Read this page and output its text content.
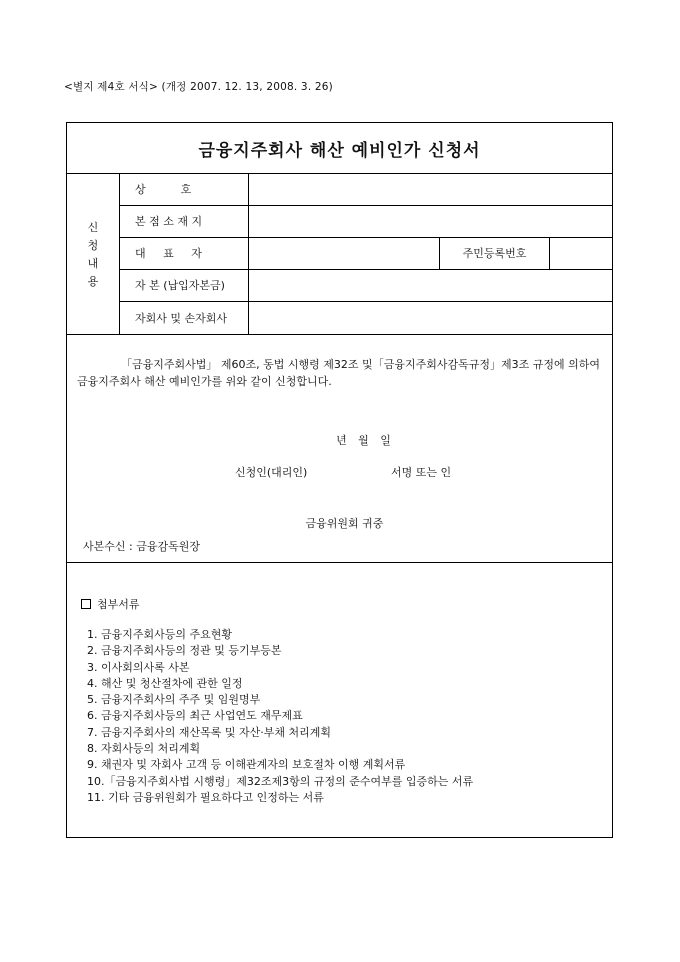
<별지 제4호 서식> (개정 2007. 12. 13, 2008. 3. 26)
금융지주회사 해산 예비인가 신청서
신
청
내
용
상          호
본 점 소 재 지
대     표     자	주민등록번호
자 본 (납입자본금)
자회사 및 손자회사
「금융지주회사법」 제60조, 동법 시행령 제32조 및「금융지주회사감독규정」제3조 규정에 의하여 금융지주회사 해산 예비인가를 위와 같이 신청합니다.
년 월 일
신청인(대리인)	서명 또는 인
금융위원회 귀중
사본수신 : 금융감독원장
첨부서류
1. 금융지주회사등의 주요현황
2. 금융지주회사등의 정관 및 등기부등본
3. 이사회의사록 사본
4. 해산 및 청산절차에 관한 일정
5. 금융지주회사의 주주 및 임원명부
6. 금융지주회사등의 최근 사업연도 재무제표
7. 금융지주회사의 재산목록 및 자산·부채 처리계획
8. 자회사등의 처리계획
9. 채권자 및 자회사 고객 등 이해관계자의 보호절차 이행 계획서류
10.「금융지주회사법 시행령」제32조제3항의 규정의 준수여부를 입증하는 서류
11. 기타 금융위원회가 필요하다고 인정하는 서류
